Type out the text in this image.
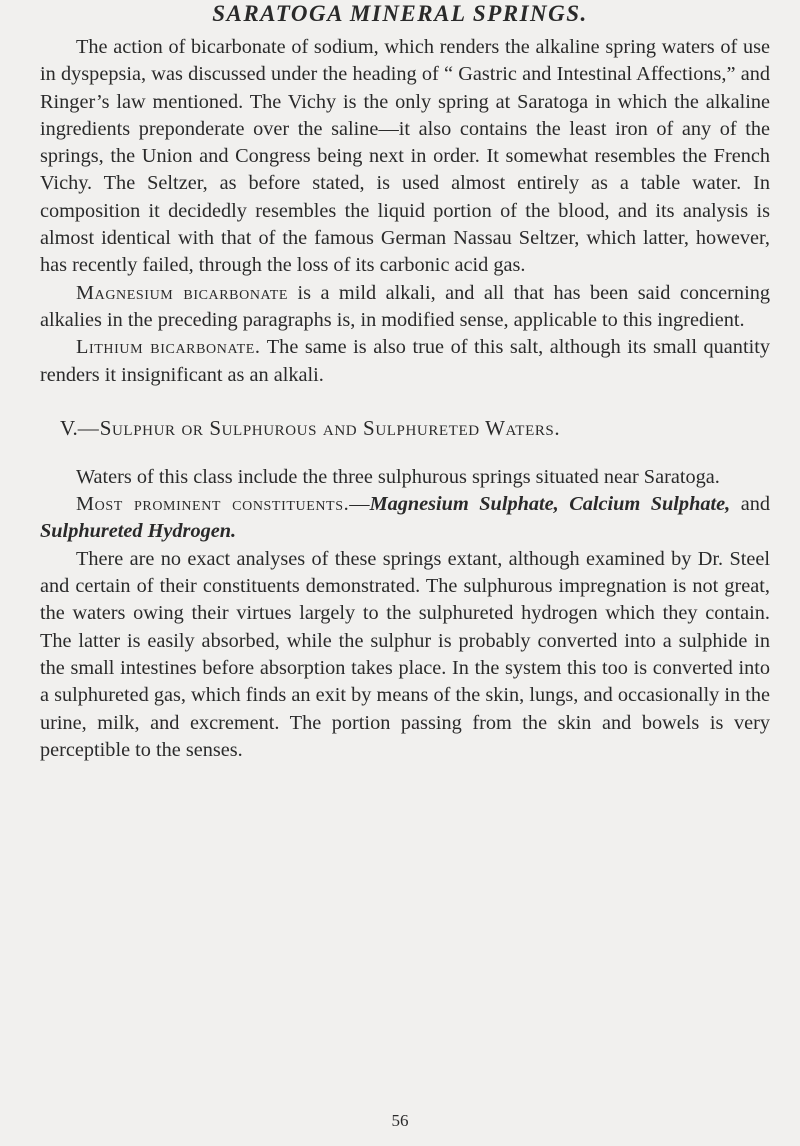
SARATOGA MINERAL SPRINGS.

The action of bicarbonate of sodium, which renders the alkaline spring waters of use in dyspepsia, was discussed under the heading of “ Gastric and Intestinal Affections,” and Ringer’s law mentioned. The Vichy is the only spring at Saratoga in which the alkaline ingredients preponderate over the saline—it also contains the least iron of any of the springs, the Union and Congress being next in order. It somewhat resembles the French Vichy. The Seltzer, as before stated, is used almost entirely as a table water. In composition it decidedly resembles the liquid portion of the blood, and its analysis is almost identical with that of the famous German Nassau Seltzer, which latter, however, has recently failed, through the loss of its carbonic acid gas.

Magnesium bicarbonate is a mild alkali, and all that has been said concerning alkalies in the preceding paragraphs is, in modified sense, applicable to this ingredient.

Lithium bicarbonate. The same is also true of this salt, although its small quantity renders it insignificant as an alkali.

V.—Sulphur or Sulphurous and Sulphureted Waters.

Waters of this class include the three sulphurous springs situated near Saratoga.

Most prominent constituents.—Magnesium Sulphate, Calcium Sulphate, and Sulphureted Hydrogen.

There are no exact analyses of these springs extant, although examined by Dr. Steel and certain of their constituents demonstrated. The sulphurous impregnation is not great, the waters owing their virtues largely to the sulphureted hydrogen which they contain. The latter is easily absorbed, while the sulphur is probably converted into a sulphide in the small intestines before absorption takes place. In the system this too is converted into a sulphureted gas, which finds an exit by means of the skin, lungs, and occasionally in the urine, milk, and excrement. The portion passing from the skin and bowels is very perceptible to the senses.

56
